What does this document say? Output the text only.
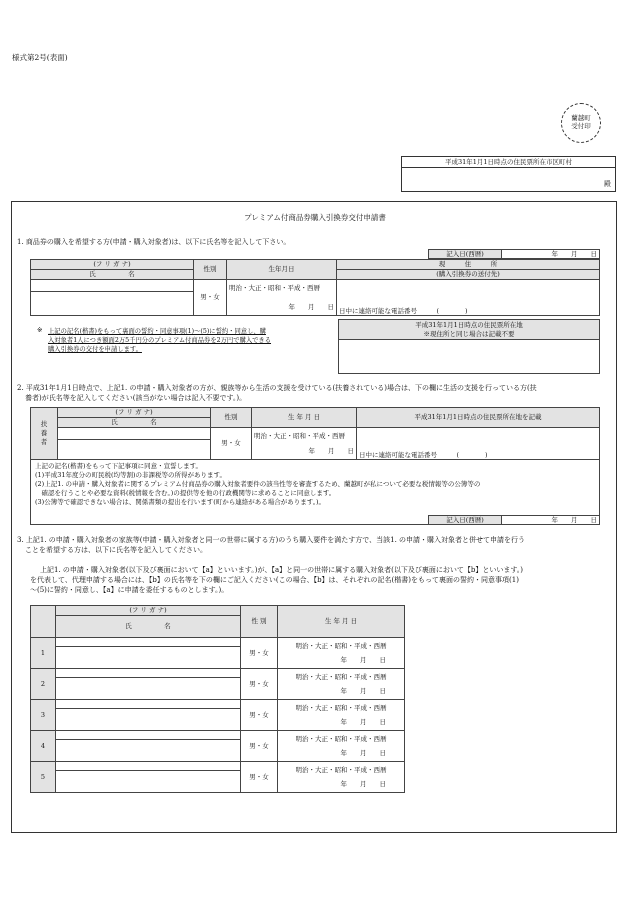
様式第2号(表面)
蘭越町
受付印
平成31年1月1日時点の住民票所在市区町村
殿
プレミアム付商品券購入引換券交付申請書
1. 商品券の購入を希望する方(申請・購入対象者)は、以下に氏名等を記入して下さい。
記入日(西暦)	年　　月　　日
(フ リ ガ ナ)	性別	生年月日	現　　　住　　　所
氏　　　　　名			(購入引換券の送付先)
	男・女	明治・大正・昭和・平成・西暦
年　　月　　日	日中に連絡可能な電話番号　　　(　　　　)

※ 上記の記名(楷書)をもって裏面の誓約・同意事項(1)～(5)に誓約・同意し、購
入対象者1人につき額面2万5千円分のプレミアム付商品券を2万円で購入できる
購入引換券の交付を申請します。
平成31年1月1日時点の住民票所在地
※現住所と同じ場合は記載不要

2. 平成31年1月1日時点で、上記1. の申請・購入対象者の方が、親族等から生活の支援を受けている(扶養されている)場合は、下の欄に生活の支援を行っている方(扶
養者)が氏名等を記入してください(該当がない場合は記入不要です。)。
扶
養
者	(フ リ ガ ナ)	性別	生 年 月 日	平成31年1月1日時点の住民票所在地を記載
	氏　　　　　名			
		男・女	明治・大正・昭和・平成・西暦
年　　月　　日	日中に連絡可能な電話番号　　　(　　　　)

上記の記名(楷書)をもって下記事項に同意・宣誓します。
(1)平成31年度分の町民税(均等割)の非課税等の所得があります。
(2)上記1. の申請・購入対象者に関するプレミアム付商品券の購入対象者要件の該当性等を審査するため、蘭越町が私について必要な税情報等の公簿等の
　確認を行うことや必要な資料(税情報を含む。)の提供等を他の行政機関等に求めることに同意します。
(3)公簿等で確認できない場合は、関係書類の提出を行います(町から連絡がある場合があります。)。				
記入日(西暦)	年　　月　　日
3. 上記1. の申請・購入対象者の家族等(申請・購入対象者と同一の世帯に属する方)のうち購入要件を満たす方で、当該1. の申請・購入対象者と併せて申請を行う
ことを希望する方は、以下に氏名等を記入してください。
上記1. の申請・購入対象者(以下及び裏面において【a】といいます。)が、【a】と同一の世帯に属する購入対象者(以下及び裏面において【b】といいます。)
を代表して、代理申請する場合には、【b】の氏名等を下の欄にご記入ください(この場合、【b】は、それぞれの記名(楷書)をもって裏面の誓約・同意事項(1)
～(5)に誓約・同意し、【a】に申請を委任するものとします。)。
	(フ リ ガ ナ)	性 別	生 年 月 日
	氏　　　　　名		
1		男・女	明治・大正・昭和・平成・西暦
年　　月　　日

2		男・女	明治・大正・昭和・平成・西暦
年　　月　　日

3		男・女	明治・大正・昭和・平成・西暦
年　　月　　日

4		男・女	明治・大正・昭和・平成・西暦
年　　月　　日

5		男・女	明治・大正・昭和・平成・西暦
年　　月　　日
